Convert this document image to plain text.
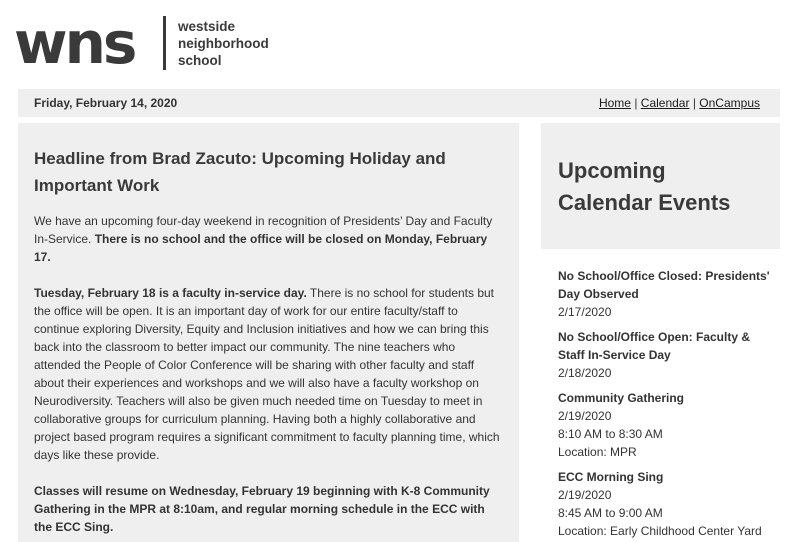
wns	westside
neighborhood
school
Friday, February 14, 2020	Home | Calendar | OnCampus
Headline from Brad Zacuto: Upcoming Holiday and Important Work

We have an upcoming four-day weekend in recognition of Presidents’ Day and Faculty In-Service. There is no school and the office will be closed on Monday, February 17.

Tuesday, February 18 is a faculty in-service day. There is no school for students but the office will be open. It is an important day of work for our entire faculty/staff to continue exploring Diversity, Equity and Inclusion initiatives and how we can bring this back into the classroom to better impact our community. The nine teachers who attended the People of Color Conference will be sharing with other faculty and staff about their experiences and workshops and we will also have a faculty workshop on Neurodiversity. Teachers will also be given much needed time on Tuesday to meet in collaborative groups for curriculum planning. Having both a highly collaborative and project based program requires a significant commitment to faculty planning time, which days like these provide.

Classes will resume on Wednesday, February 19 beginning with K-8 Community Gathering in the MPR at 8:10am, and regular morning schedule in the ECC with the ECC Sing.

Upcoming Calendar Events
No School/Office Closed: Presidents' Day Observed
2/17/2020
No School/Office Open: Faculty & Staff In-Service Day
2/18/2020
Community Gathering
2/19/2020
8:10 AM to 8:30 AM
Location: MPR
ECC Morning Sing
2/19/2020
8:45 AM to 9:00 AM
Location: Early Childhood Center Yard
